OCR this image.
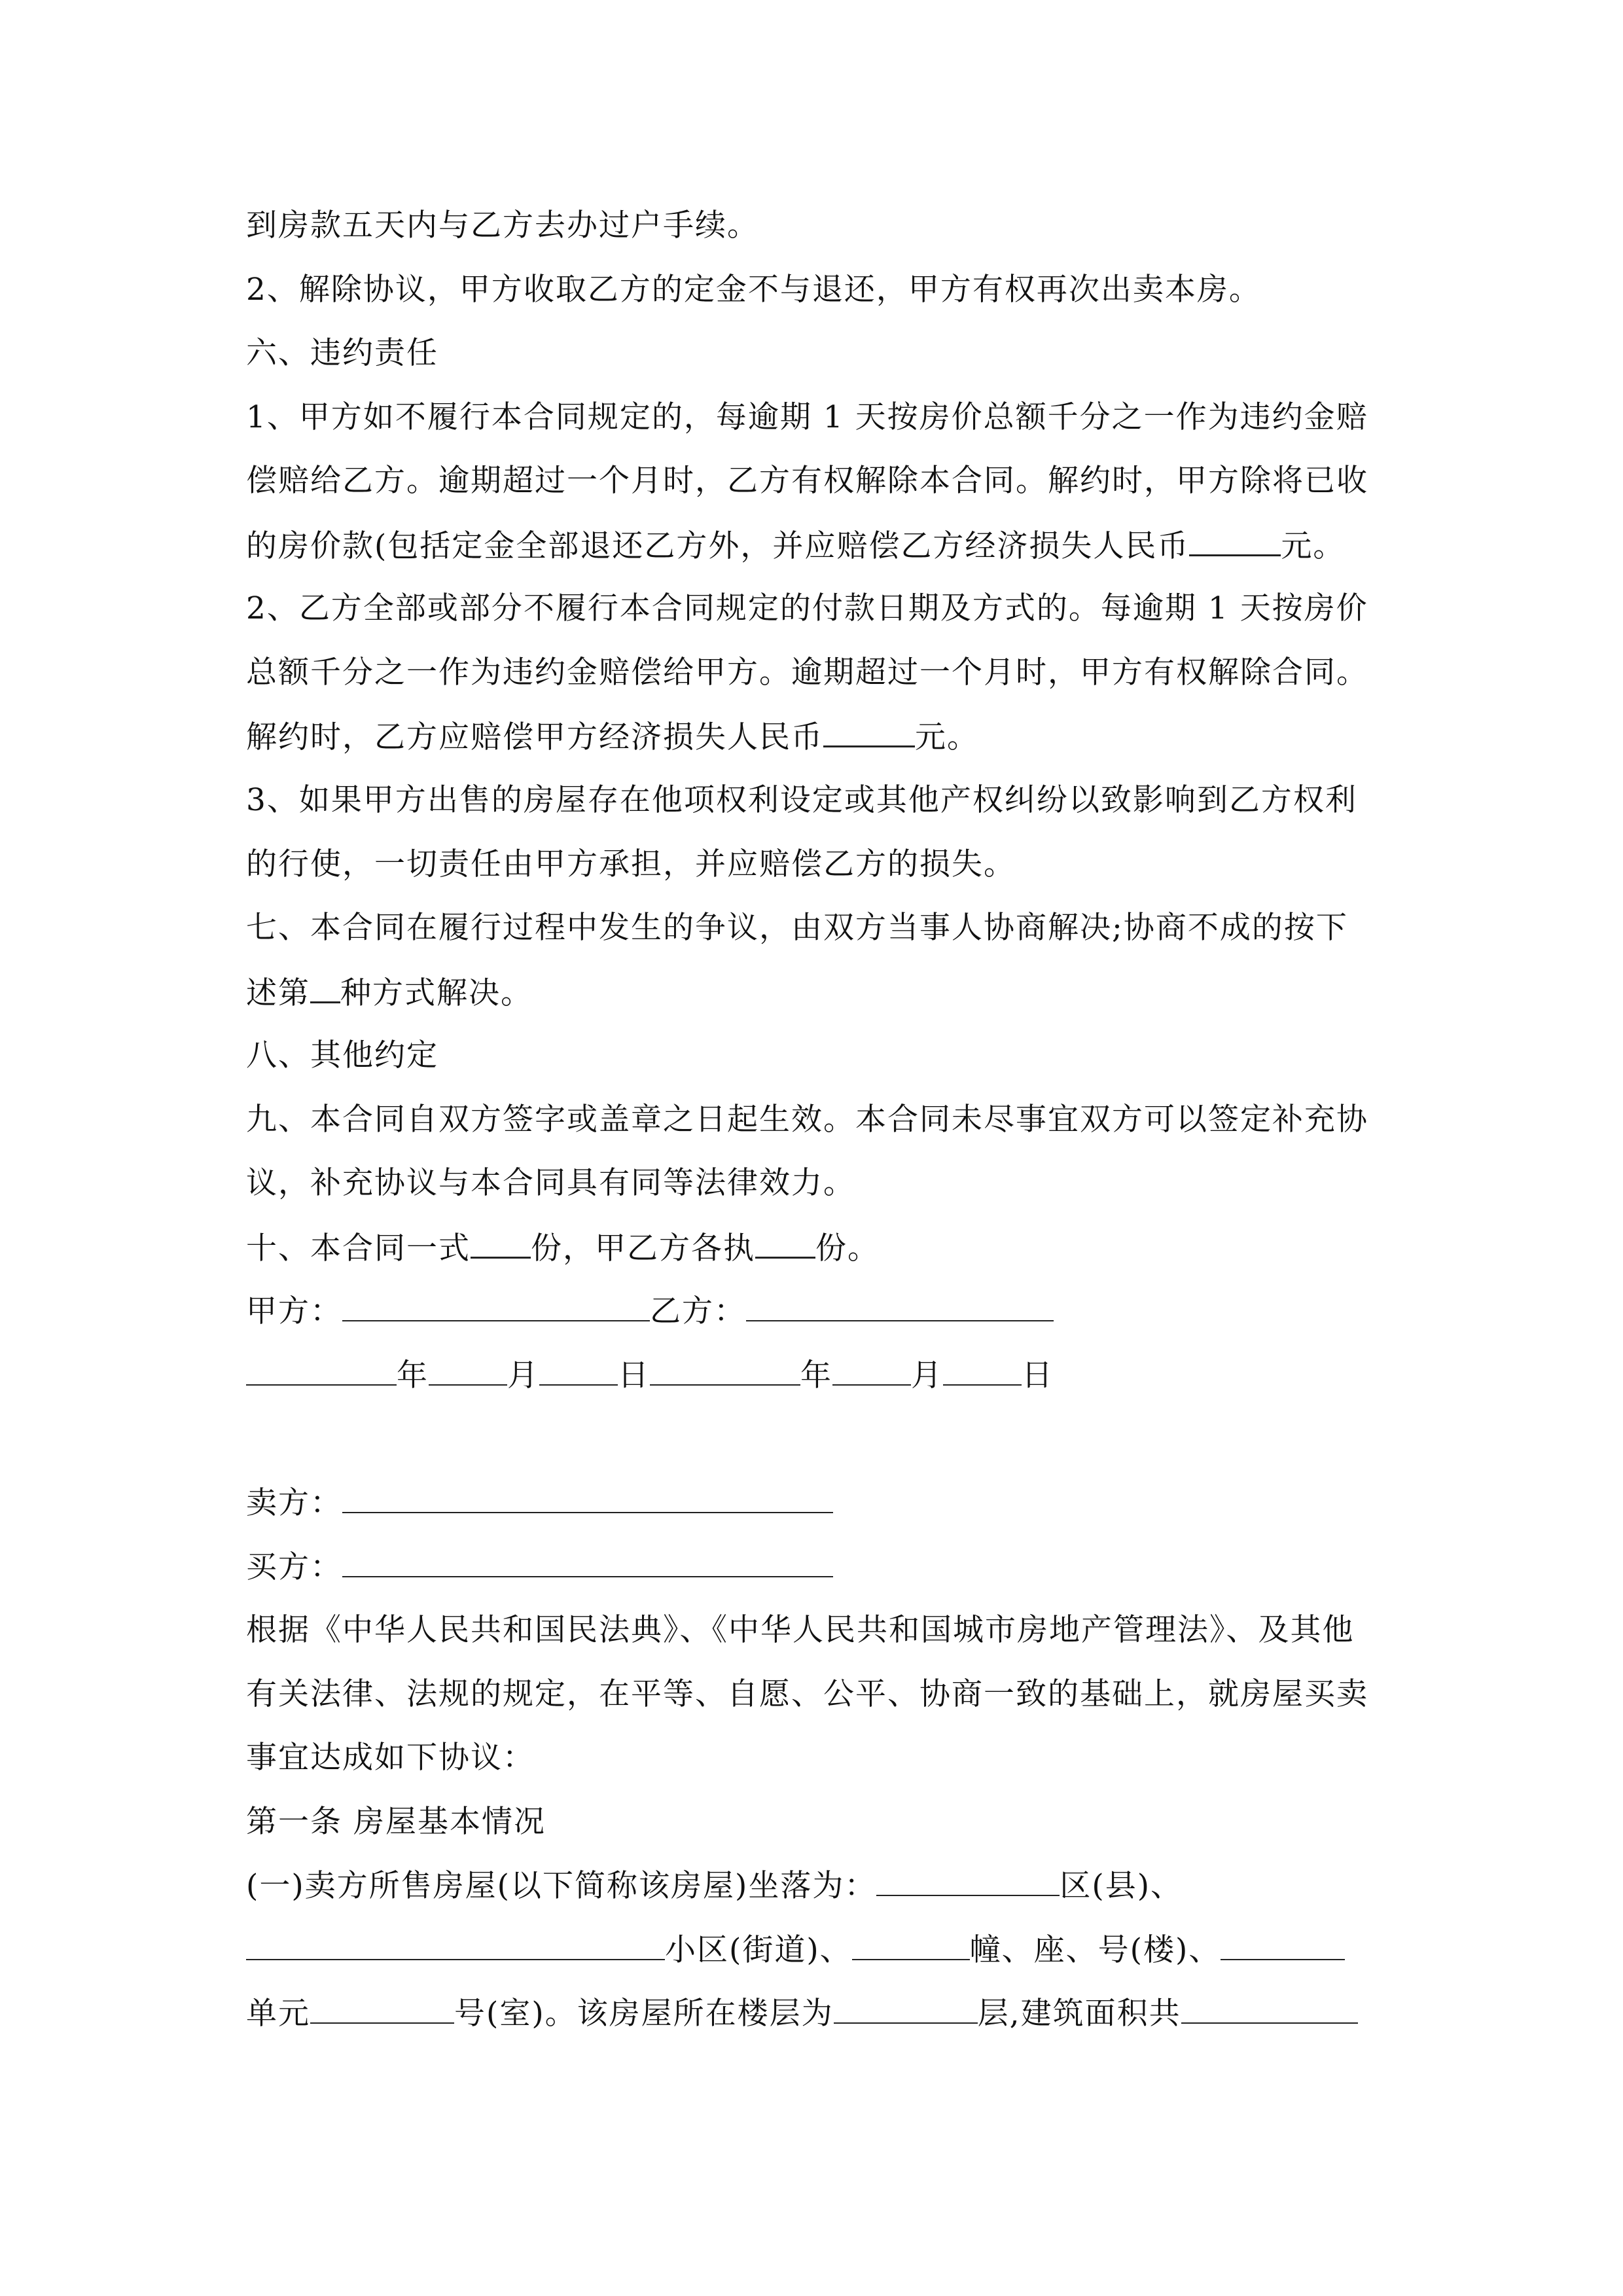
到房款五天内与乙方去办过户手续。
2、解除协议，甲方收取乙方的定金不与退还，甲方有权再次出卖本房。
六、违约责任
1、甲方如不履行本合同规定的，每逾期 1 天按房价总额千分之一作为违约金赔
偿赔给乙方。逾期超过一个月时，乙方有权解除本合同。解约时，甲方除将已收
的房价款(包括定金全部退还乙方外，并应赔偿乙方经济损失人民币	元。
2、乙方全部或部分不履行本合同规定的付款日期及方式的。每逾期 1 天按房价
总额千分之一作为违约金赔偿给甲方。逾期超过一个月时，甲方有权解除合同。
解约时，乙方应赔偿甲方经济损失人民币	元。
3、如果甲方出售的房屋存在他项权利设定或其他产权纠纷以致影响到乙方权利
的行使，一切责任由甲方承担，并应赔偿乙方的损失。
七、本合同在履行过程中发生的争议，由双方当事人协商解决;协商不成的按下
述第 种方式解决。
八、其他约定
九、本合同自双方签字或盖章之日起生效。本合同未尽事宜双方可以签定补充协
议，补充协议与本合同具有同等法律效力。
十、本合同一式 份，甲乙方各执 份。
甲方：	乙方：
年	月	日	年	月	日
卖方：
买方：
根据《中华人民共和国民法典》、《中华人民共和国城市房地产管理法》、及其他
有关法律、法规的规定，在平等、自愿、公平、协商一致的基础上，就房屋买卖
事宜达成如下协议：
第一条 房屋基本情况
(一)卖方所售房屋(以下简称该房屋)坐落为：	区(县)、
小区(街道)、	幢、座、号(楼)、
单元	号(室)。该房屋所在楼层为	层,建筑面积共
